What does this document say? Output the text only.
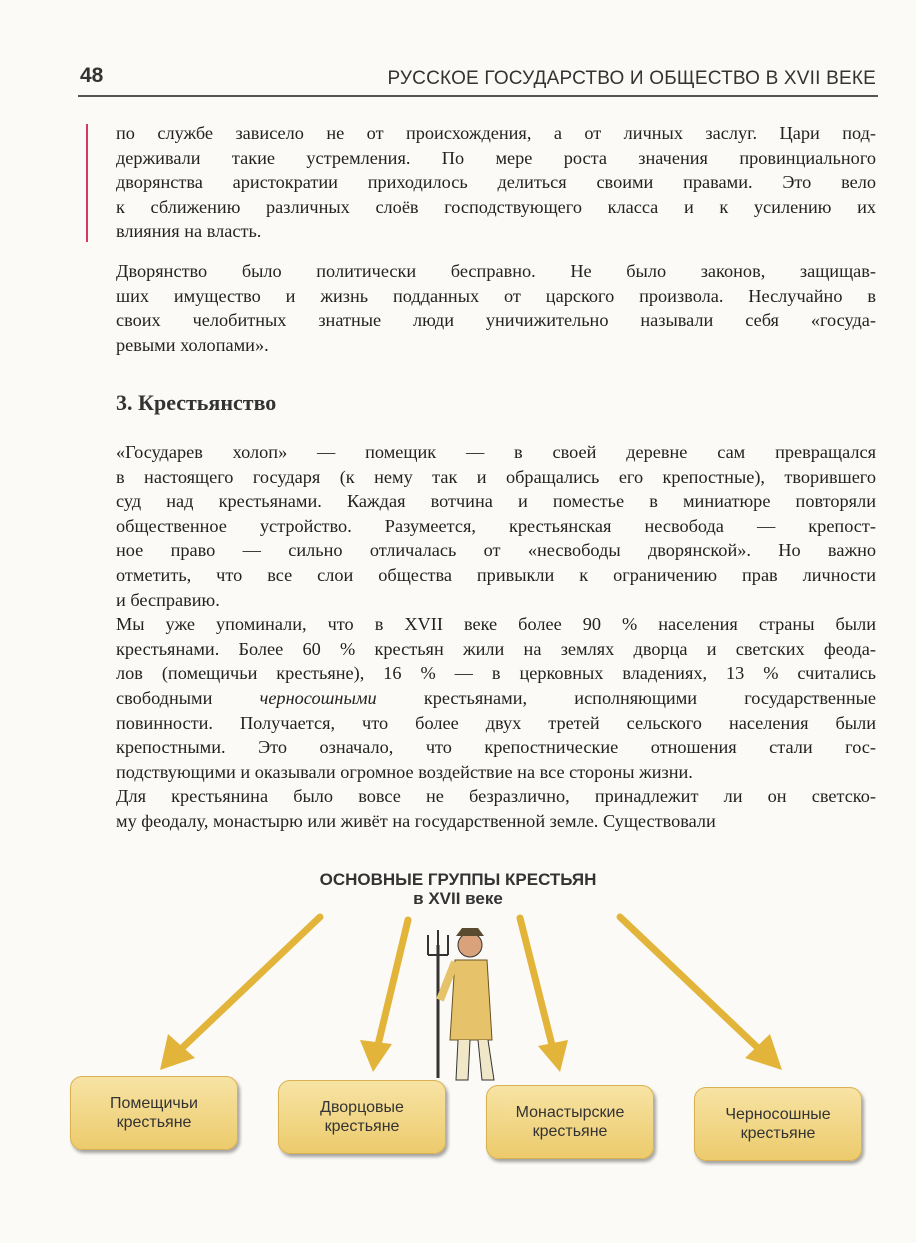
48	РУССКОЕ ГОСУДАРСТВО И ОБЩЕСТВО В XVII ВЕКЕ
по службе зависело не от происхождения, а от личных заслуг. Цари под-
держивали такие устремления. По мере роста значения провинциального
дворянства аристократии приходилось делиться своими правами. Это вело
к сближению различных слоёв господствующего класса и к усилению их
влияния на власть.
Дворянство было политически бесправно. Не было законов, защищав-
ших имущество и жизнь подданных от царского произвола. Неслучайно в
своих челобитных знатные люди уничижительно называли себя «госуда-
ревыми холопами».
3. Крестьянство
«Государев холоп» — помещик — в своей деревне сам превращался
в настоящего государя (к нему так и обращались его крепостные), творившего
суд над крестьянами. Каждая вотчина и поместье в миниатюре повторяли
общественное устройство. Разумеется, крестьянская несвобода — крепост-
ное право — сильно отличалась от «несвободы дворянской». Но важно
отметить, что все слои общества привыкли к ограничению прав личности
и бесправию.
Мы уже упоминали, что в XVII веке более 90 % населения страны были
крестьянами. Более 60 % крестьян жили на землях дворца и светских феода-
лов (помещичьи крестьяне), 16 % — в церковных владениях, 13 % считались
свободными черносошными крестьянами, исполняющими государственные
повинности. Получается, что более двух третей сельского населения были
крепостными. Это означало, что крепостнические отношения стали гос-
подствующими и оказывали огромное воздействие на все стороны жизни.
Для крестьянина было вовсе не безразлично, принадлежит ли он светско-
му феодалу, монастырю или живёт на государственной земле. Существовали
ОСНОВНЫЕ ГРУППЫ КРЕСТЬЯН
в XVII веке
Помещичьи
крестьяне
Дворцовые
крестьяне
Монастырские
крестьяне
Черносошные
крестьяне
